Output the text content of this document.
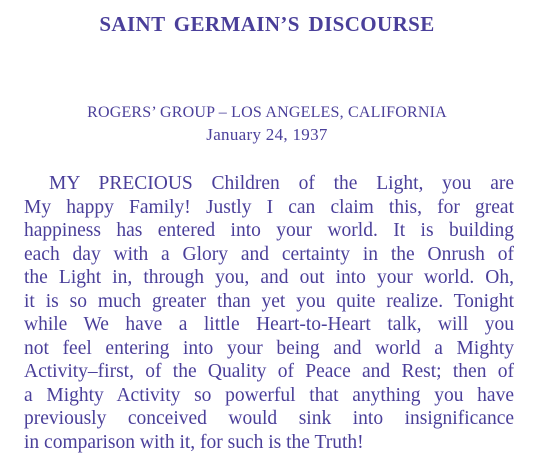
SAINT GERMAIN’S DISCOURSE
ROGERS’ GROUP – LOS ANGELES, CALIFORNIA
January 24, 1937
MY PRECIOUS Children of the Light, you are
My happy Family! Justly I can claim this, for great
happiness has entered into your world. It is building
each day with a Glory and certainty in the Onrush of
the Light in, through you, and out into your world. Oh,
it is so much greater than yet you quite realize. Tonight
while We have a little Heart-to-Heart talk, will you
not feel entering into your being and world a Mighty
Activity–first, of the Quality of Peace and Rest; then of
a Mighty Activity so powerful that anything you have
previously conceived would sink into insignificance
in comparison with it, for such is the Truth!
